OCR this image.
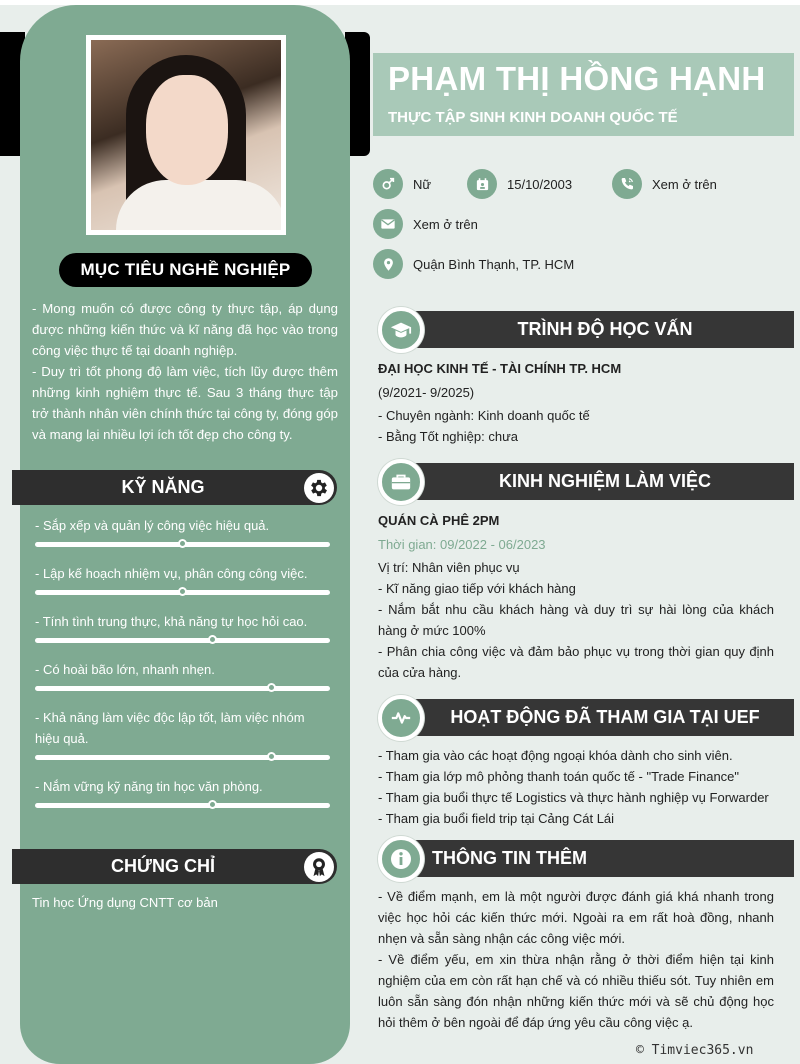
MỤC TIÊU NGHỀ NGHIỆP
- Mong muốn có được công ty thực tập, áp dụng được những kiến thức và kĩ năng đã học vào trong công việc thực tế tại doanh nghiệp.
- Duy trì tốt phong độ làm việc, tích lũy được thêm những kinh nghiệm thực tế. Sau 3 tháng thực tập trở thành nhân viên chính thức tại công ty, đóng góp và mang lại nhiều lợi ích tốt đẹp cho công ty.
KỸ NĂNG
- Sắp xếp và quản lý công việc hiệu quả.
- Lập kế hoạch nhiệm vụ, phân công công việc.
- Tính tình trung thực, khả năng tự học hỏi cao.
- Có hoài bão lớn, nhanh nhẹn.
- Khả năng làm việc độc lập tốt, làm việc nhóm hiệu quả.
- Nắm vững kỹ năng tin học văn phòng.
CHỨNG CHỈ
Tin học Ứng dụng CNTT cơ bản
PHẠM THỊ HỒNG HẠNH
THỰC TẬP SINH KINH DOANH QUỐC TẾ
Nữ	15/10/2003	Xem ở trên
Xem ở trên
Quận Bình Thạnh, TP. HCM
TRÌNH ĐỘ HỌC VẤN
ĐẠI HỌC KINH TẾ - TÀI CHÍNH TP. HCM
(9/2021- 9/2025)
- Chuyên ngành: Kinh doanh quốc tế
- Bằng Tốt nghiệp: chưa
KINH NGHIỆM LÀM VIỆC
QUÁN CÀ PHÊ 2PM
Thời gian: 09/2022 - 06/2023
Vị trí: Nhân viên phục vụ
- Kĩ năng giao tiếp với khách hàng
- Nắm bắt nhu cầu khách hàng và duy trì sự hài lòng của khách hàng ở mức 100%
- Phân chia công việc và đảm bảo phục vụ trong thời gian quy định của cửa hàng.
HOẠT ĐỘNG ĐÃ THAM GIA TẠI UEF
- Tham gia vào các hoạt động ngoại khóa dành cho sinh viên.
- Tham gia lớp mô phỏng thanh toán quốc tế - "Trade Finance"
- Tham gia buổi thực tế Logistics và thực hành nghiệp vụ Forwarder
- Tham gia buổi field trip tại Cảng Cát Lái
THÔNG TIN THÊM
- Về điểm mạnh, em là một người được đánh giá khá nhanh trong việc học hỏi các kiến thức mới. Ngoài ra em rất hoà đồng, nhanh nhẹn và sẵn sàng nhận các công việc mới.
- Về điểm yếu, em xin thừa nhận rằng ở thời điểm hiện tại kinh nghiệm của em còn rất hạn chế và có nhiều thiếu sót. Tuy nhiên em luôn sẵn sàng đón nhận những kiến thức mới và sẽ chủ động học hỏi thêm ở bên ngoài để đáp ứng yêu cầu công việc ạ.
© Timviec365.vn
